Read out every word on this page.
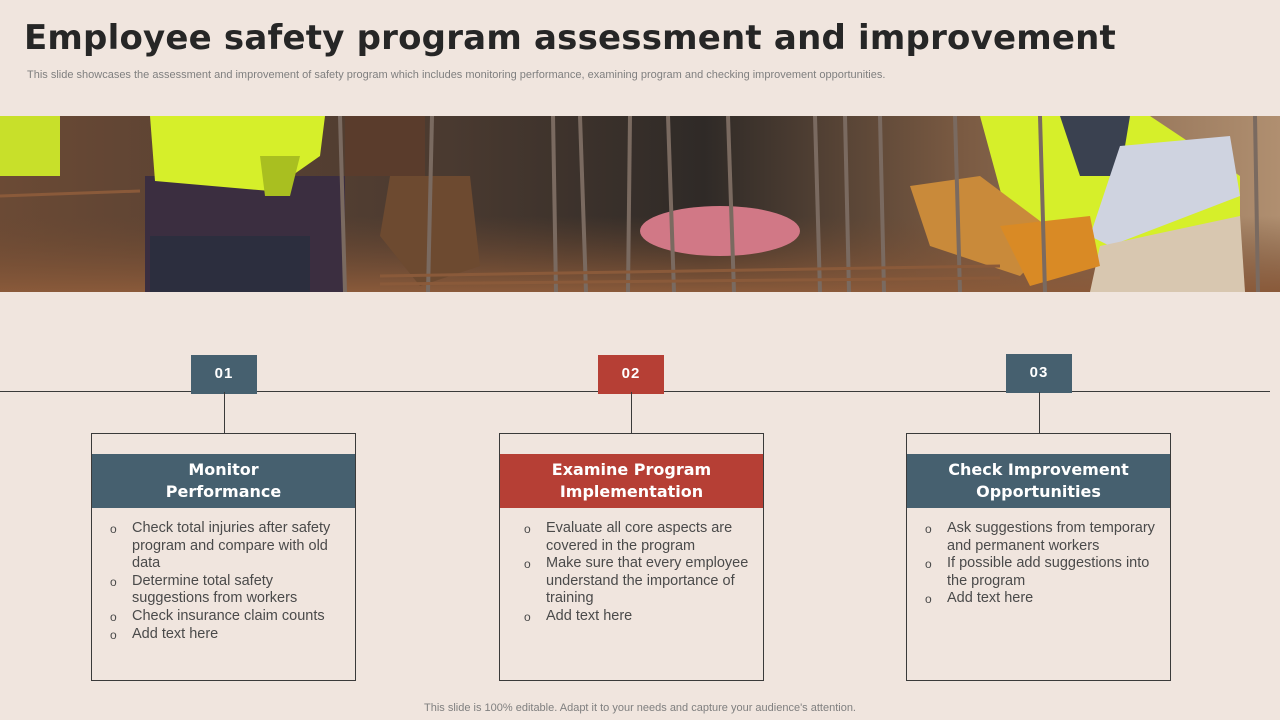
Employee safety program assessment and improvement
This slide showcases the assessment and improvement of safety program which includes monitoring performance, examining program and checking improvement opportunities.
01
Monitor
Performance
o Check total injuries after safety program and compare with old data
o Determine total safety suggestions from workers
o Check insurance claim counts
o Add text here
02
Examine Program Implementation
o Evaluate all core aspects are covered in the program
o Make sure that every employee understand the importance of training
o Add text here
03
Check Improvement Opportunities
o Ask suggestions from temporary and permanent workers
o If possible add suggestions into the program
o Add text here
This slide is 100% editable. Adapt it to your needs and capture your audience's attention.
